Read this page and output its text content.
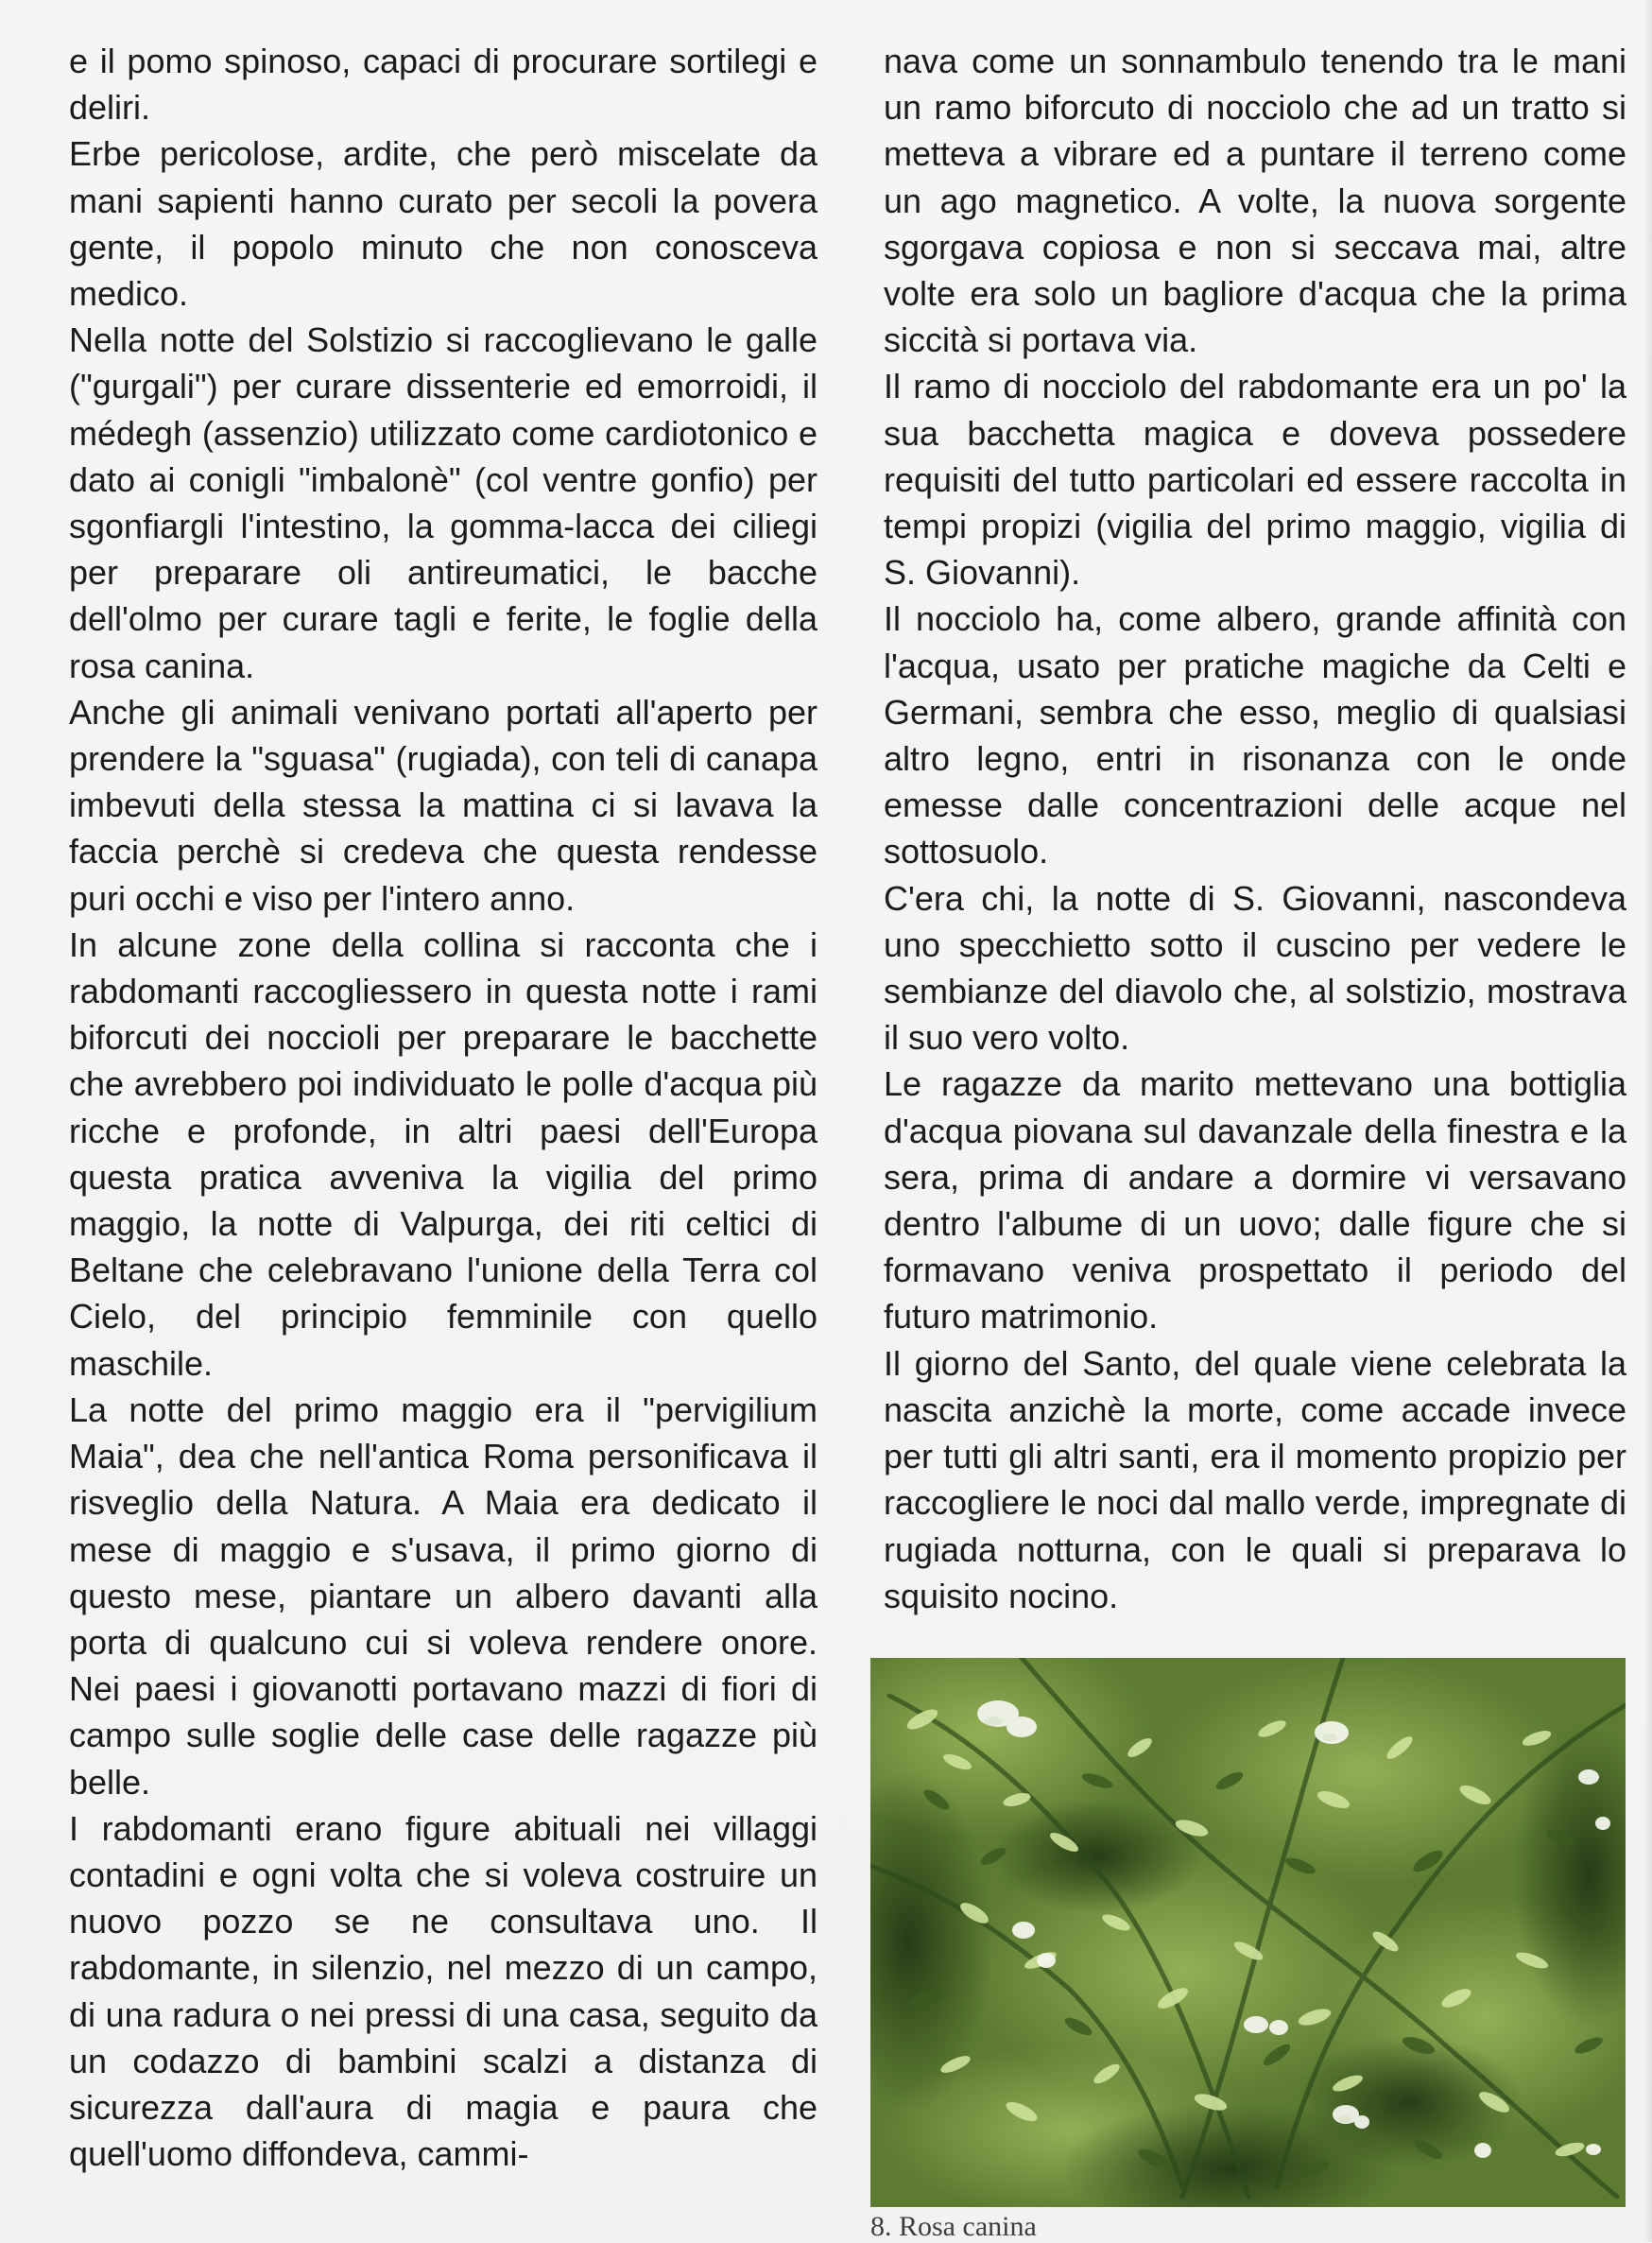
e il pomo spinoso, capaci di procurare sortilegi e deliri.

Erbe pericolose, ardite, che però miscelate da mani sapienti hanno curato per secoli la povera gente, il popolo minuto che non conosceva medico.

Nella notte del Solstizio si raccoglievano le galle ("gurgali") per curare dissenterie ed emorroidi, il médegh (assenzio) utilizzato come cardiotonico e dato ai conigli "imbalonè" (col ventre gonfio) per sgonfiargli l'intestino, la gomma-lacca dei ciliegi per preparare oli antireumatici, le bacche dell'olmo per curare tagli e ferite, le foglie della rosa canina.

Anche gli animali venivano portati all'aperto per prendere la "sguasa" (rugiada), con teli di canapa imbevuti della stessa la mattina ci si lavava la faccia perchè si credeva che questa rendesse puri occhi e viso per l'intero anno.

In alcune zone della collina si racconta che i rabdomanti raccogliessero in questa notte i rami biforcuti dei noccioli per preparare le bacchette che avrebbero poi individuato le polle d'acqua più ricche e profonde, in altri paesi dell'Europa questa pratica avveniva la vigilia del primo maggio, la notte di Valpurga, dei riti celtici di Beltane che celebravano l'unione della Terra col Cielo, del principio femminile con quello maschile.

La notte del primo maggio era il "pervigilium Maia", dea che nell'antica Roma personificava il risveglio della Natura. A Maia era dedicato il mese di maggio e s'usava, il primo giorno di questo mese, piantare un albero davanti alla porta di qualcuno cui si voleva rendere onore. Nei paesi i giovanotti portavano mazzi di fiori di campo sulle soglie delle case delle ragazze più belle.

I rabdomanti erano figure abituali nei villaggi contadini e ogni volta che si voleva costruire un nuovo pozzo se ne consultava uno. Il rabdomante, in silenzio, nel mezzo di un campo, di una radura o nei pressi di una casa, seguito da un codazzo di bambini scalzi a distanza di sicurezza dall'aura di magia e paura che quell'uomo diffondeva, cammi-

nava come un sonnambulo tenendo tra le mani un ramo biforcuto di nocciolo che ad un tratto si metteva a vibrare ed a puntare il terreno come un ago magnetico. A volte, la nuova sorgente sgorgava copiosa e non si seccava mai, altre volte era solo un bagliore d'acqua che la prima siccità si portava via.

Il ramo di nocciolo del rabdomante era un po' la sua bacchetta magica e doveva possedere requisiti del tutto particolari ed essere raccolta in tempi propizi (vigilia del primo maggio, vigilia di S. Giovanni).

Il nocciolo ha, come albero, grande affinità con l'acqua, usato per pratiche magiche da Celti e Germani, sembra che esso, meglio di qualsiasi altro legno, entri in risonanza con le onde emesse dalle concentrazioni delle acque nel sottosuolo.

C'era chi, la notte di S. Giovanni, nascondeva uno specchietto sotto il cuscino per vedere le sembianze del diavolo che, al solstizio, mostrava il suo vero volto.

Le ragazze da marito mettevano una bottiglia d'acqua piovana sul davanzale della finestra e la sera, prima di andare a dormire vi versavano dentro l'albume di un uovo; dalle figure che si formavano veniva prospettato il periodo del futuro matrimonio.

Il giorno del Santo, del quale viene celebrata la nascita anzichè la morte, come accade invece per tutti gli altri santi, era il momento propizio per raccogliere le noci dal mallo verde, impregnate di rugiada notturna, con le quali si preparava lo squisito nocino.

8. Rosa canina
